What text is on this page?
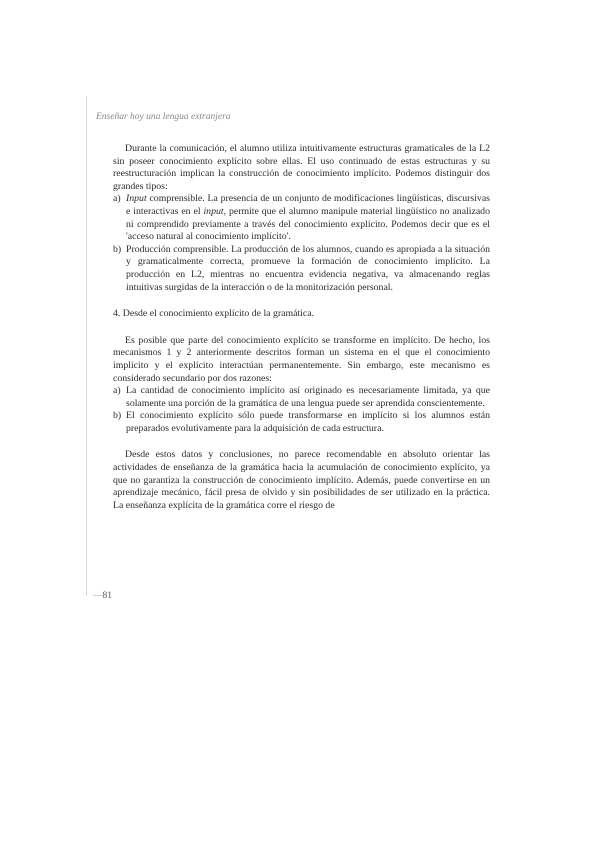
Enseñar hoy una lengua extranjera

Durante la comunicación, el alumno utiliza intuitivamente estructuras gramaticales de la L2 sin poseer conocimiento explícito sobre ellas. El uso continuado de estas estructuras y su reestructuración implican la construcción de conocimiento implícito. Podemos distinguir dos grandes tipos:

a) Input comprensible. La presencia de un conjunto de modificaciones lingüísticas, discursivas e interactivas en el input, permite que el alumno manipule material lingüístico no analizado ni comprendido previamente a través del conocimiento explícito. Podemos decir que es el 'acceso natural al conocimiento implícito'.
b) Producción comprensible. La producción de los alumnos, cuando es apropiada a la situación y gramaticalmente correcta, promueve la formación de conocimiento implícito. La producción en L2, mientras no encuentra evidencia negativa, va almacenando reglas intuitivas surgidas de la interacción o de la monitorización personal.

4. Desde el conocimiento explícito de la gramática.

Es posible que parte del conocimiento explícito se transforme en implícito. De hecho, los mecanismos 1 y 2 anteriormente descritos forman un sistema en el que el conocimiento implícito y el explícito interactúan permanentemente. Sin embargo, este mecanismo es considerado secundario por dos razones:

a) La cantidad de conocimiento implícito así originado es necesariamente limitada, ya que solamente una porción de la gramática de una lengua puede ser aprendida conscientemente.
b) El conocimiento explícito sólo puede transformarse en implícito si los alumnos están preparados evolutivamente para la adquisición de cada estructura.

Desde estos datos y conclusiones, no parece recomendable en absoluto orientar las actividades de enseñanza de la gramática hacia la acumulación de conocimiento explícito, ya que no garantiza la construcción de conocimiento implícito. Además, puede convertirse en un aprendizaje mecánico, fácil presa de olvido y sin posibilidades de ser utilizado en la práctica. La enseñanza explícita de la gramática corre el riesgo de

—81
